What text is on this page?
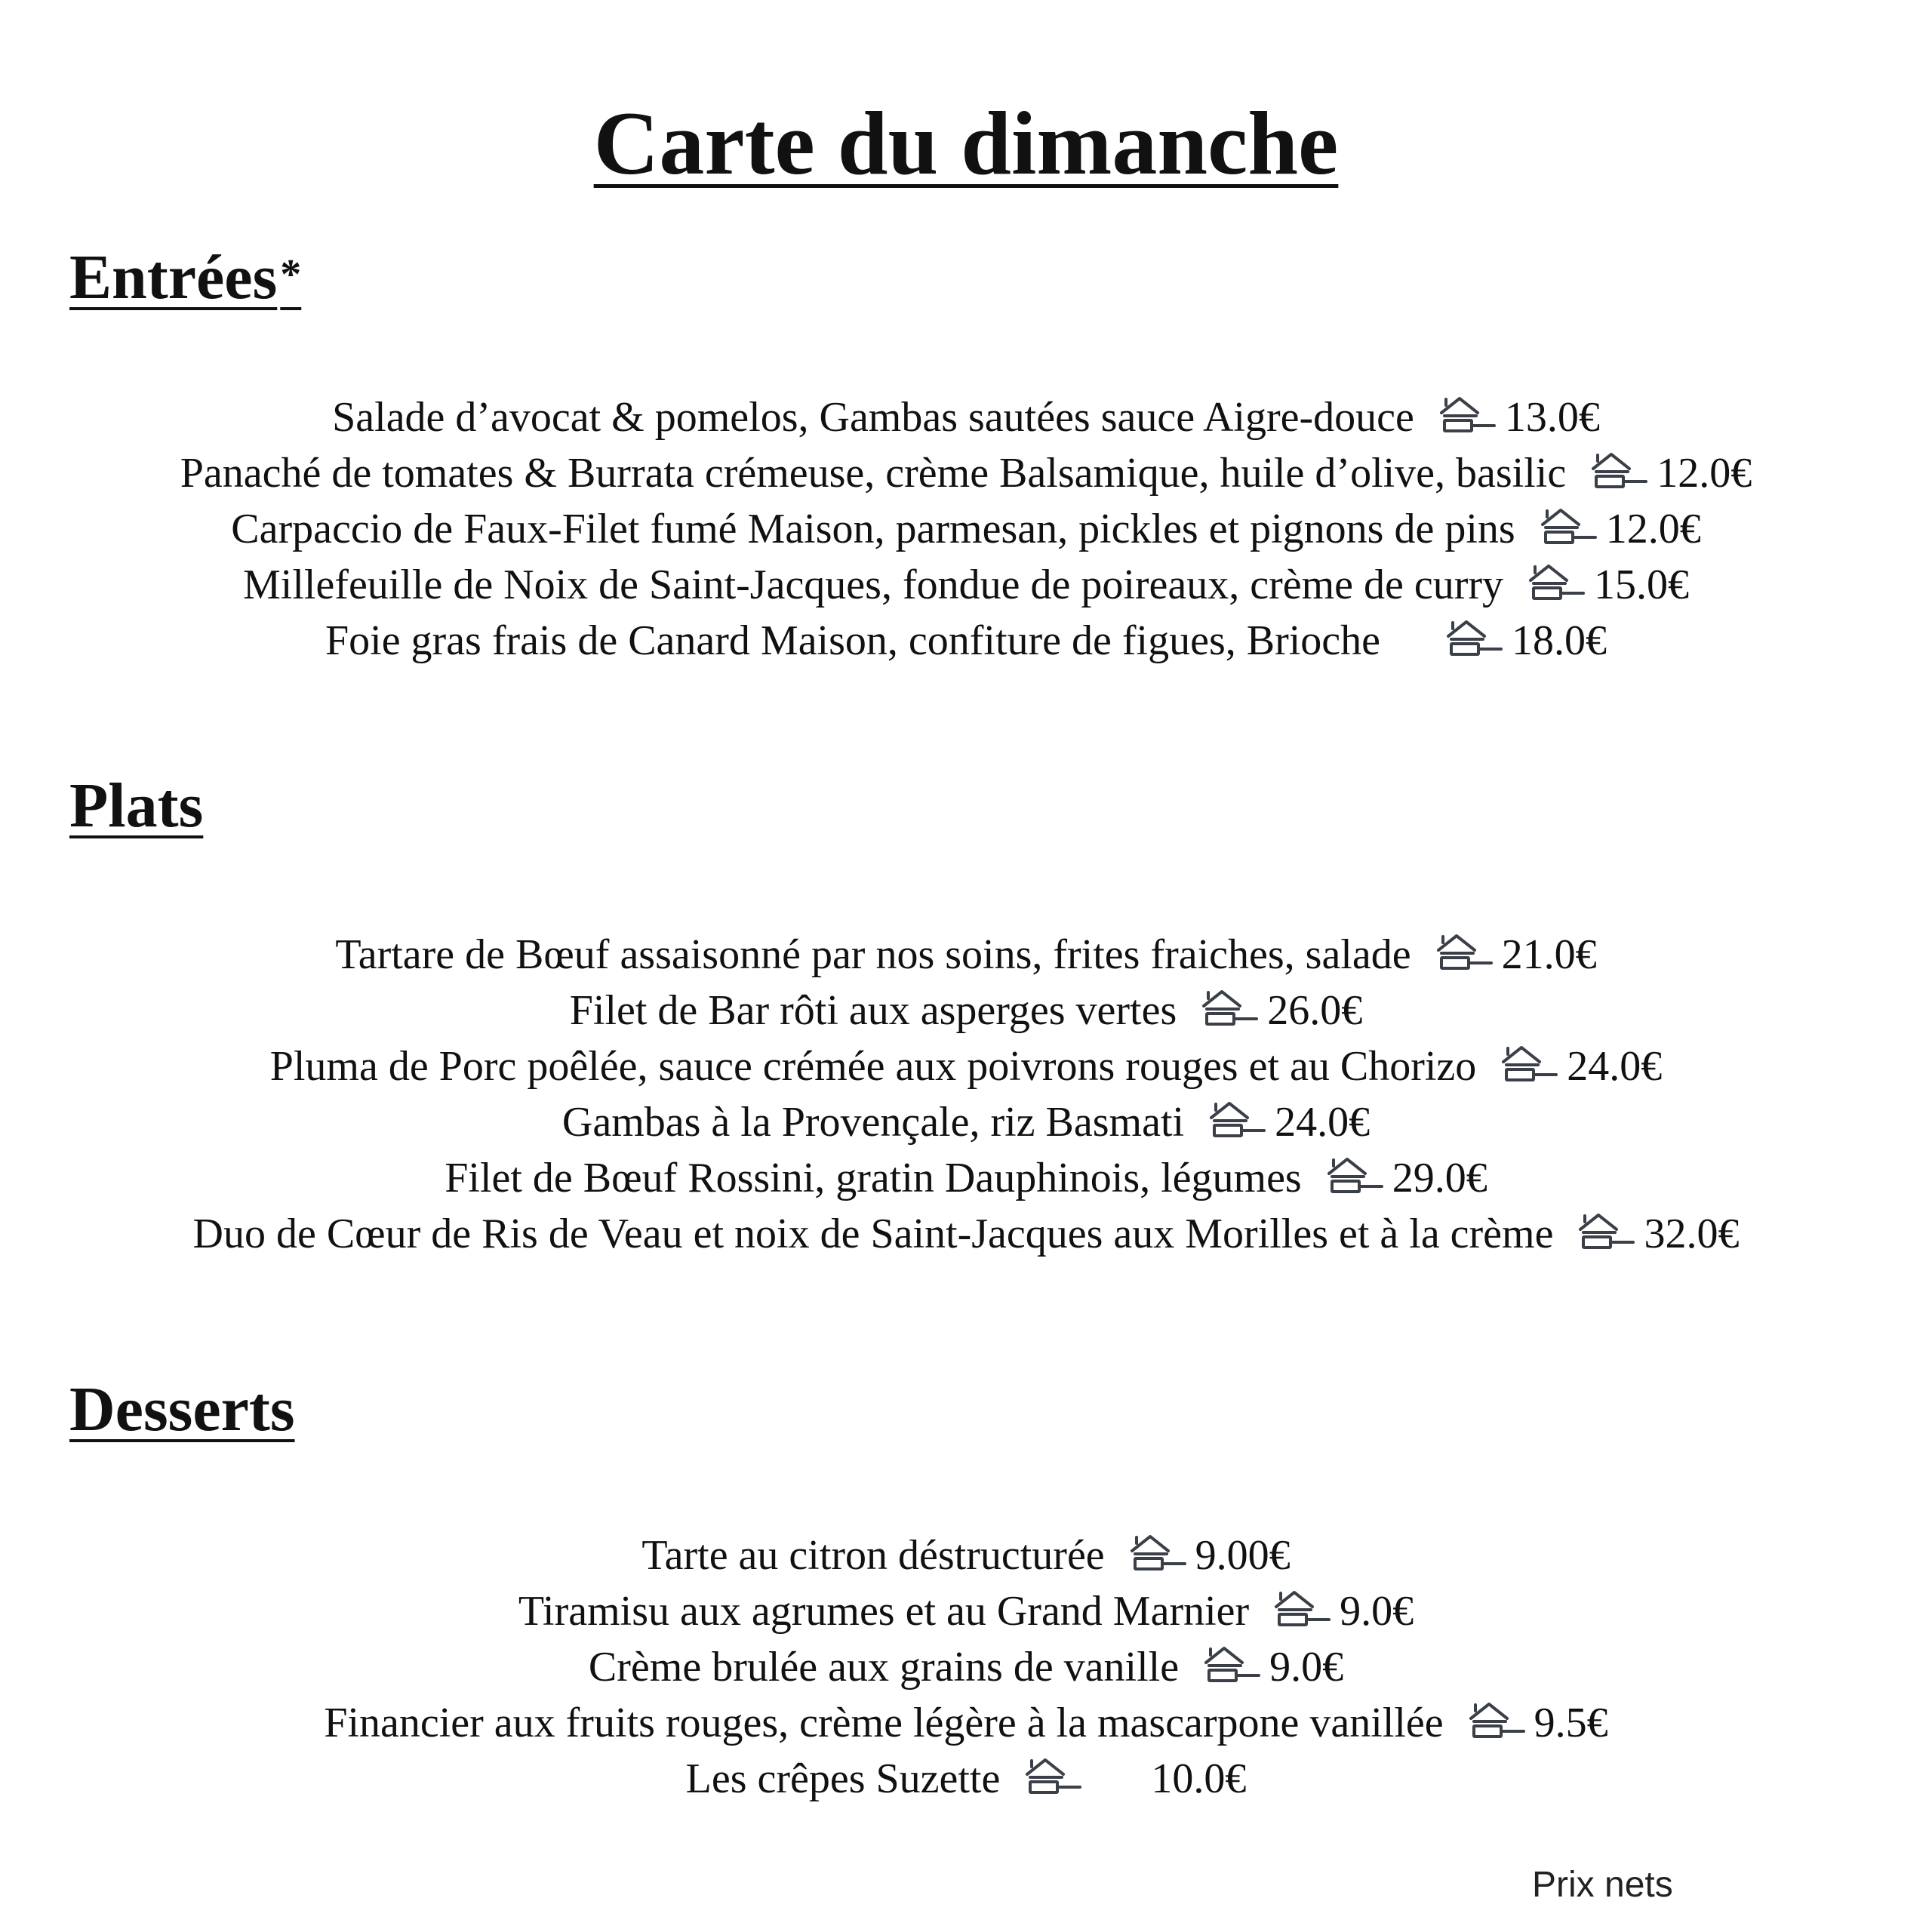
Carte du dimanche
Entrées*
Salade d’avocat & pomelos, Gambas sautées sauce Aigre-douce 13.0€
Panaché de tomates & Burrata crémeuse, crème Balsamique, huile d’olive, basilic 12.0€
Carpaccio de Faux-Filet fumé Maison, parmesan, pickles et pignons de pins 12.0€
Millefeuille de Noix de Saint-Jacques, fondue de poireaux, crème de curry 15.0€
Foie gras frais de Canard Maison, confiture de figues, Brioche	18.0€
Plats
Tartare de Bœuf assaisonné par nos soins, frites fraiches, salade 21.0€
Filet de Bar rôti aux asperges vertes 26.0€
Pluma de Porc poêlée, sauce crémée aux poivrons rouges et au Chorizo 24.0€
Gambas à la Provençale, riz Basmati 24.0€
Filet de Bœuf Rossini, gratin Dauphinois, légumes 29.0€
Duo de Cœur de Ris de Veau et noix de Saint-Jacques aux Morilles et à la crème 32.0€
Desserts
Tarte au citron déstructurée 9.00€
Tiramisu aux agrumes et au Grand Marnier 9.0€
Crème brulée aux grains de vanille 9.0€
Financier aux fruits rouges, crème légère à la mascarpone vanillée 9.5€
Les crêpes Suzette	10.0€
Prix nets
